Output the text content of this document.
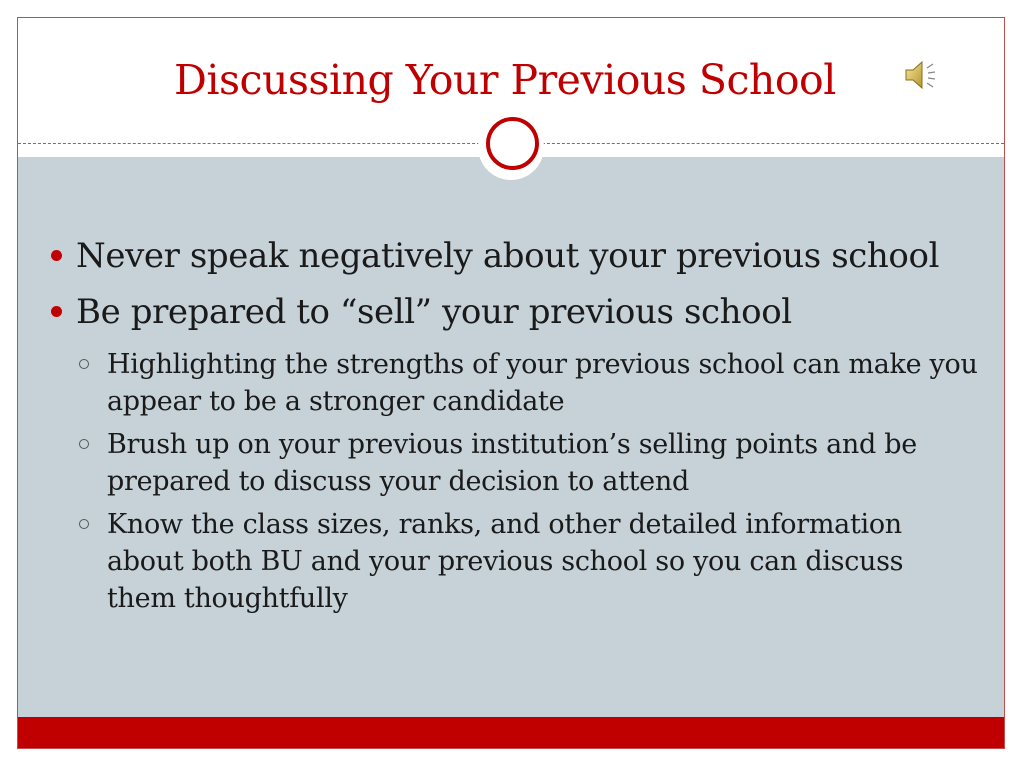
Discussing Your Previous School
Never speak negatively about your previous school
Be prepared to “sell” your previous school
Highlighting the strengths of your previous school can make you appear to be a stronger candidate
Brush up on your previous institution’s selling points and be prepared to discuss your decision to attend
Know the class sizes, ranks, and other detailed information about both BU and your previous school so you can discuss them thoughtfully
